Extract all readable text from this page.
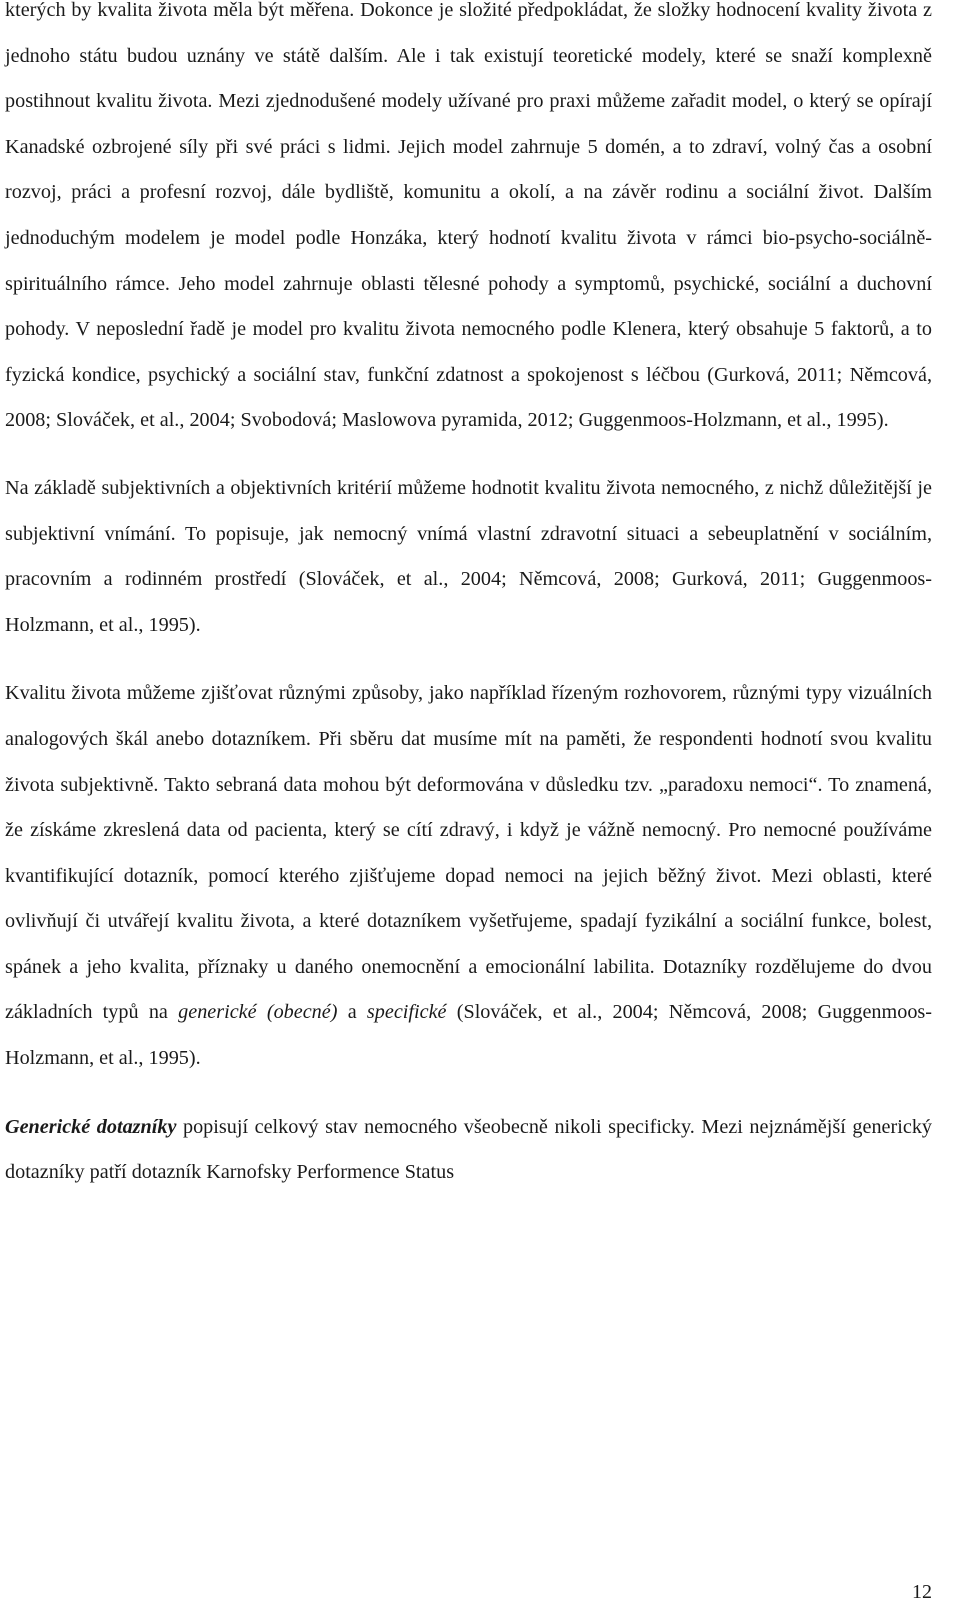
kterých by kvalita života měla být měřena. Dokonce je složité předpokládat, že složky hodnocení kvality života z jednoho státu budou uznány ve státě dalším. Ale i tak existují teoretické modely, které se snaží komplexně postihnout kvalitu života. Mezi zjednodušené modely užívané pro praxi můžeme zařadit model, o který se opírají Kanadské ozbrojené síly při své práci s lidmi. Jejich model zahrnuje 5 domén, a to zdraví, volný čas a osobní rozvoj, práci a profesní rozvoj, dále bydliště, komunitu a okolí, a na závěr rodinu a sociální život. Dalším jednoduchým modelem je model podle Honzáka, který hodnotí kvalitu života v rámci bio-psycho-sociálně-spirituálního rámce. Jeho model zahrnuje oblasti tělesné pohody a symptomů, psychické, sociální a duchovní pohody. V neposlední řadě je model pro kvalitu života nemocného podle Klenera, který obsahuje 5 faktorů, a to fyzická kondice, psychický a sociální stav, funkční zdatnost a spokojenost s léčbou (Gurková, 2011; Němcová, 2008; Slováček, et al., 2004; Svobodová; Maslowova pyramida, 2012; Guggenmoos-Holzmann, et al., 1995).

Na základě subjektivních a objektivních kritérií můžeme hodnotit kvalitu života nemocného, z nichž důležitější je subjektivní vnímání. To popisuje, jak nemocný vnímá vlastní zdravotní situaci a sebeuplatnění v sociálním, pracovním a rodinném prostředí (Slováček, et al., 2004; Němcová, 2008; Gurková, 2011; Guggenmoos-Holzmann, et al., 1995).

Kvalitu života můžeme zjišťovat různými způsoby, jako například řízeným rozhovorem, různými typy vizuálních analogových škál anebo dotazníkem. Při sběru dat musíme mít na paměti, že respondenti hodnotí svou kvalitu života subjektivně. Takto sebraná data mohou být deformována v důsledku tzv. „paradoxu nemoci“. To znamená, že získáme zkreslená data od pacienta, který se cítí zdravý, i když je vážně nemocný. Pro nemocné používáme kvantifikující dotazník, pomocí kterého zjišťujeme dopad nemoci na jejich běžný život. Mezi oblasti, které ovlivňují či utvářejí kvalitu života, a které dotazníkem vyšetřujeme, spadají fyzikální a sociální funkce, bolest, spánek a jeho kvalita, příznaky u daného onemocnění a emocionální labilita. Dotazníky rozdělujeme do dvou základních typů na generické (obecné) a specifické (Slováček, et al., 2004; Němcová, 2008; Guggenmoos-Holzmann, et al., 1995).

Generické dotazníky popisují celkový stav nemocného všeobecně nikoli specificky. Mezi nejznámější generický dotazníky patří dotazník Karnofsky Performence Status

12
